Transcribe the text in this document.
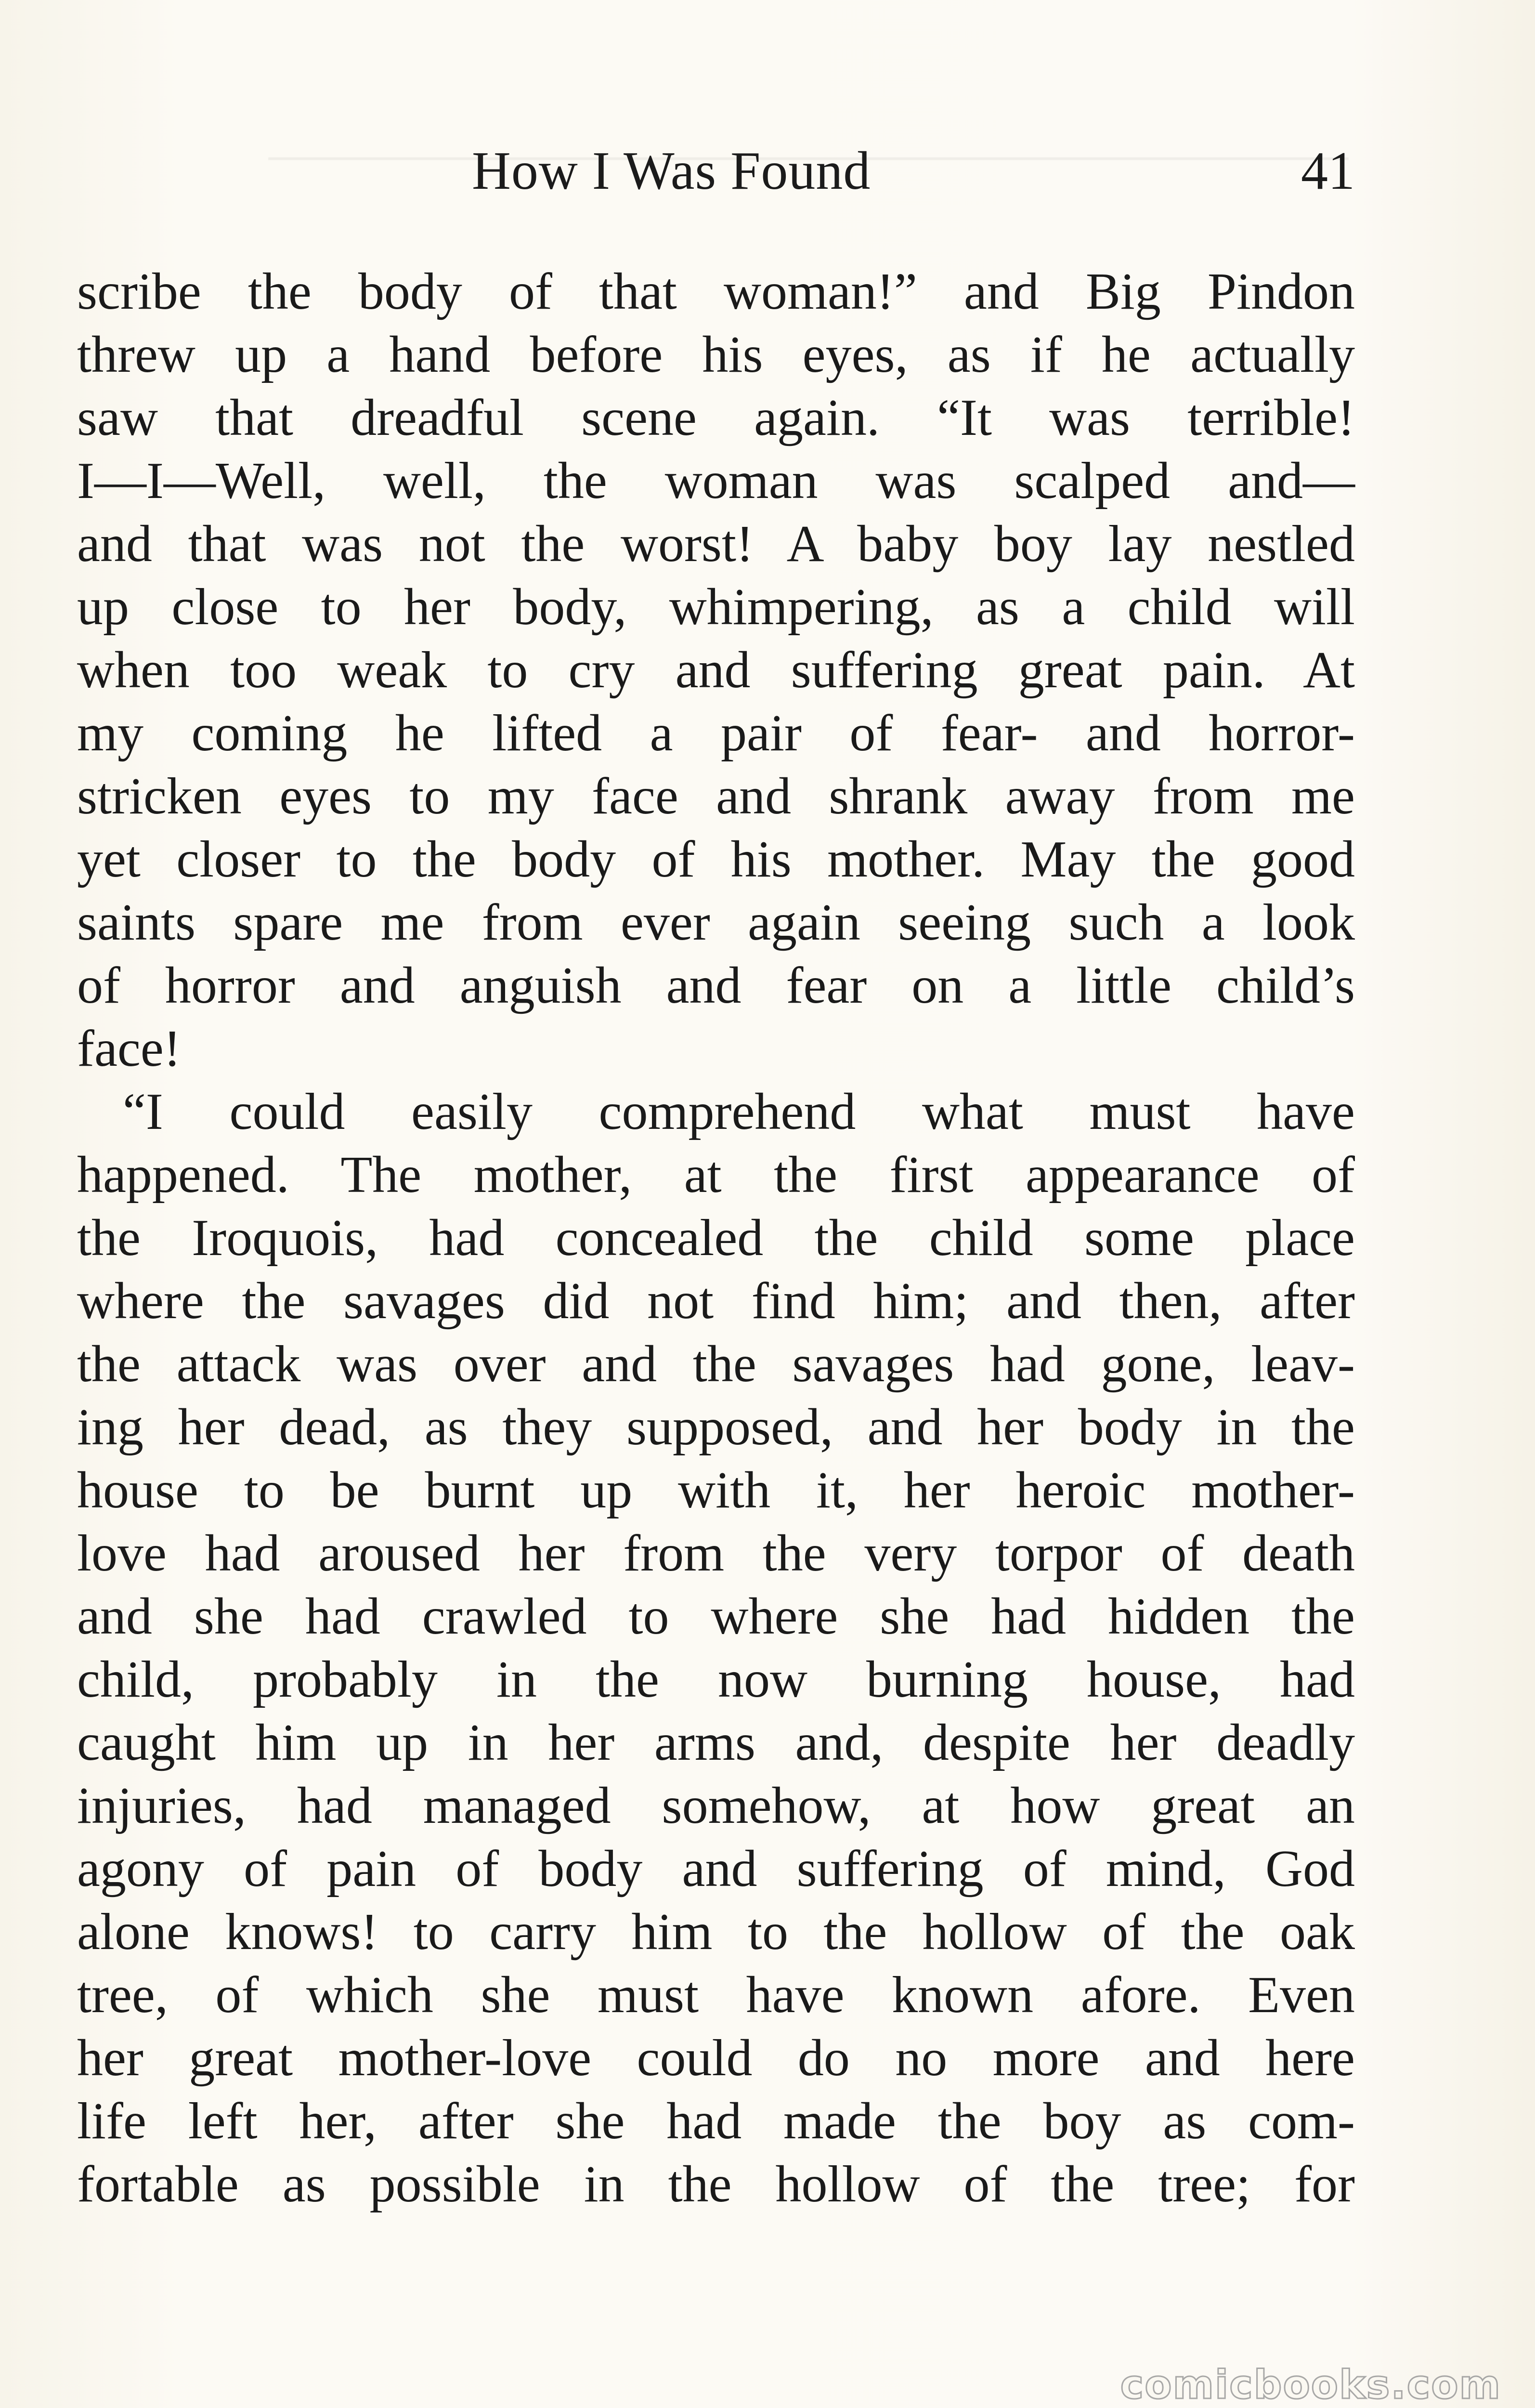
How I Was Found	41
scribe the body of that woman!” and Big Pindon
threw up a hand before his eyes, as if he actually
saw that dreadful scene again. “It was terrible!
I—I—Well, well, the woman was scalped and—
and that was not the worst! A baby boy lay nestled
up close to her body, whimpering, as a child will
when too weak to cry and suffering great pain. At
my coming he lifted a pair of fear- and horror-
stricken eyes to my face and shrank away from me
yet closer to the body of his mother. May the good
saints spare me from ever again seeing such a look
of horror and anguish and fear on a little child’s
face!
“I could easily comprehend what must have
happened. The mother, at the first appearance of
the Iroquois, had concealed the child some place
where the savages did not find him; and then, after
the attack was over and the savages had gone, leav-
ing her dead, as they supposed, and her body in the
house to be burnt up with it, her heroic mother-
love had aroused her from the very torpor of death
and she had crawled to where she had hidden the
child, probably in the now burning house, had
caught him up in her arms and, despite her deadly
injuries, had managed somehow, at how great an
agony of pain of body and suffering of mind, God
alone knows! to carry him to the hollow of the oak
tree, of which she must have known afore. Even
her great mother-love could do no more and here
life left her, after she had made the boy as com-
fortable as possible in the hollow of the tree; for
comicbooks.com
